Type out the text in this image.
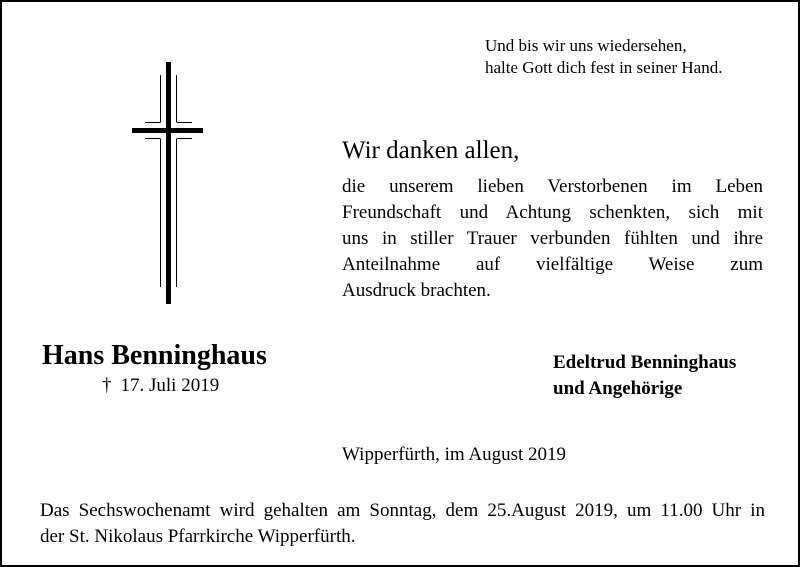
Und bis wir uns wiedersehen,
halte Gott dich fest in seiner Hand.
Wir danken allen,
die unserem lieben Verstorbenen im Leben
Freundschaft und Achtung schenkten, sich mit
uns in stiller Trauer verbunden fühlten und ihre
Anteilnahme auf vielfältige Weise zum
Ausdruck brachten.
Hans Benninghaus
† 17. Juli 2019
Edeltrud Benninghaus
und Angehörige
Wipperfürth, im August 2019
Das Sechswochenamt wird gehalten am Sonntag, dem 25.August 2019, um 11.00 Uhr in
der St. Nikolaus Pfarrkirche Wipperfürth.
